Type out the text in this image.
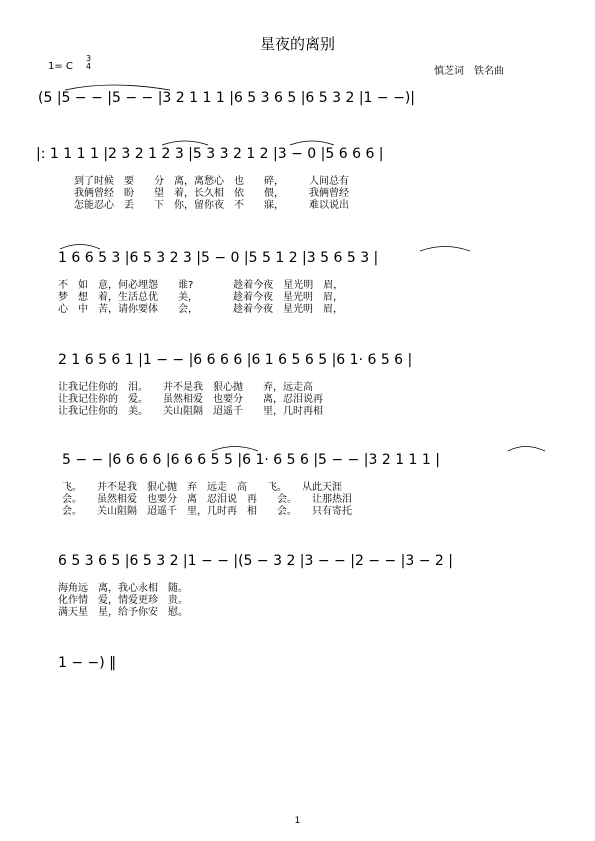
星夜的离别
1= C
3
4	慎芝词　铁名曲
(5 |5 − − |5 − − |3 2 1 1 1 |6 5 3 6 5 |6 5 3 2 |1 − −)|
|: 1 1 1 1 |2 3 2 1 2 3 |5 3 3 2 1 2 |3 − 0 |5 6 6 6 |
到了时候　要　　分　离，离愁心　也　　碎，　　　人间总有
我俩曾经　盼　　望　着，长久相　依　　偎，　　　我俩曾经
怎能忍心　丢　　下　你，留你夜　不　　寐，　　　难以说出
1 6 6 5 3 |6 5 3 2 3 |5 − 0 |5 5 1 2 |3 5 6 5 3 |
不　如　意，何必埋怨　　谁?　　　　趁着今夜　星光明　眉，
梦　想　着，生活总优　　美，　　　　趁着今夜　星光明　眉，
心　中　苦，请你要体　　会，　　　　趁着今夜　星光明　眉，
2 1 6 5 6 1 |1 − − |6 6 6 6 |6 1 6 5 6 5 |6 1· 6 5 6 |
让我记住你的　泪。　　并不是我　狠心抛　　弃，远走高
让我记住你的　爱。　　虽然相爱　也要分　　离，忍泪说再
让我记住你的　美。　　关山阻隔　迢遥千　　里，几时再相
5 − − |6 6 6 6 |6 6 6 5 5 |6 1· 6 5 6 |5 − − |3 2 1 1 1 |
飞。　　并不是我　狠心抛　弃　远走　高　　飞。　　从此天涯
会。　　虽然相爱　也要分　离　忍泪说　再　　会。　　让那热泪
会。　　关山阻隔　迢遥千　里，几时再　相　　会。　　只有寄托
6 5 3 6 5 |6 5 3 2 |1 − − |(5 − 3 2 |3 − − |2 − − |3 − 2 |
海角远　离，我心永相　随。
化作情　爱，情爱更珍　贵。
满天星　星，给予你安　慰。
1 − −) ‖
1
